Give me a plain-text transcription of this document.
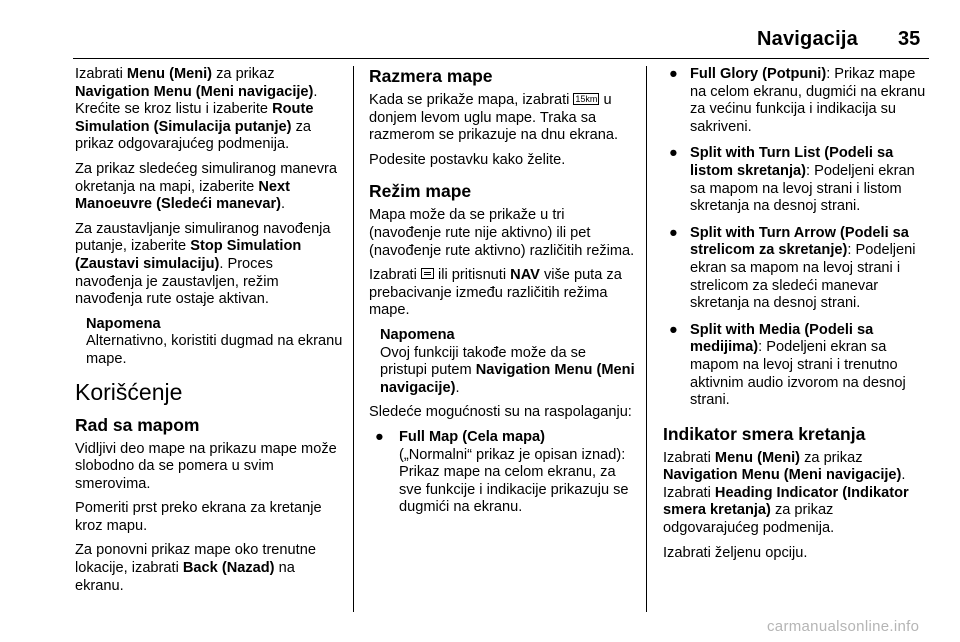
Navigacija 35

Izabrati Menu (Meni) za prikaz Navigation Menu (Meni navigacije). Krećite se kroz listu i izaberite Route Simulation (Simulacija putanje) za prikaz odgovarajućeg podmenija.

Za prikaz sledećeg simuliranog manevra okretanja na mapi, izaberite Next Manoeuvre (Sledeći manevar).

Za zaustavljanje simuliranog navođenja putanje, izaberite Stop Simulation (Zaustavi simulaciju). Proces navođenja je zaustavljen, režim navođenja rute ostaje aktivan.

Napomena
Alternativno, koristiti dugmad na ekranu mape.
Korišćenje
Rad sa mapom

Vidljivi deo mape na prikazu mape može slobodno da se pomera u svim smerovima.

Pomeriti prst preko ekrana za kretanje kroz mapu.

Za ponovni prikaz mape oko trenutne lokacije, izabrati Back (Nazad) na ekranu.

Razmera mape

Kada se prikaže mapa, izabrati 15km u donjem levom uglu mape. Traka sa razmerom se prikazuje na dnu ekrana.

Podesite postavku kako želite.

Režim mape

Mapa može da se prikaže u tri (navođenje rute nije aktivno) ili pet (navođenje rute aktivno) različitih režima.

Izabrati  ili pritisnuti NAV više puta za prebacivanje između različitih režima mape.

Napomena
Ovoj funkciji takođe može da se pristupi putem Navigation Menu (Meni navigacije).

Sledeće mogućnosti su na raspolaganju:

● Full Map (Cela mapa)
(„Normalni“ prikaz je opisan iznad): Prikaz mape na celom ekranu, za sve funkcije i indikacije prikazuju se dugmići na ekranu.
● Full Glory (Potpuni): Prikaz mape na celom ekranu, dugmići na ekranu za većinu funkcija i indikacija su sakriveni.
● Split with Turn List (Podeli sa listom skretanja): Podeljeni ekran sa mapom na levoj strani i listom skretanja na desnoj strani.
● Split with Turn Arrow (Podeli sa strelicom za skretanje): Podeljeni ekran sa mapom na levoj strani i strelicom za sledeći manevar skretanja na desnoj strani.
● Split with Media (Podeli sa medijima): Podeljeni ekran sa mapom na levoj strani i trenutno aktivnim audio izvorom na desnoj strani.
Indikator smera kretanja

Izabrati Menu (Meni) za prikaz Navigation Menu (Meni navigacije). Izabrati Heading Indicator (Indikator smera kretanja) za prikaz odgovarajućeg podmenija.

Izabrati željenu opciju.

carmanualsonline.info
